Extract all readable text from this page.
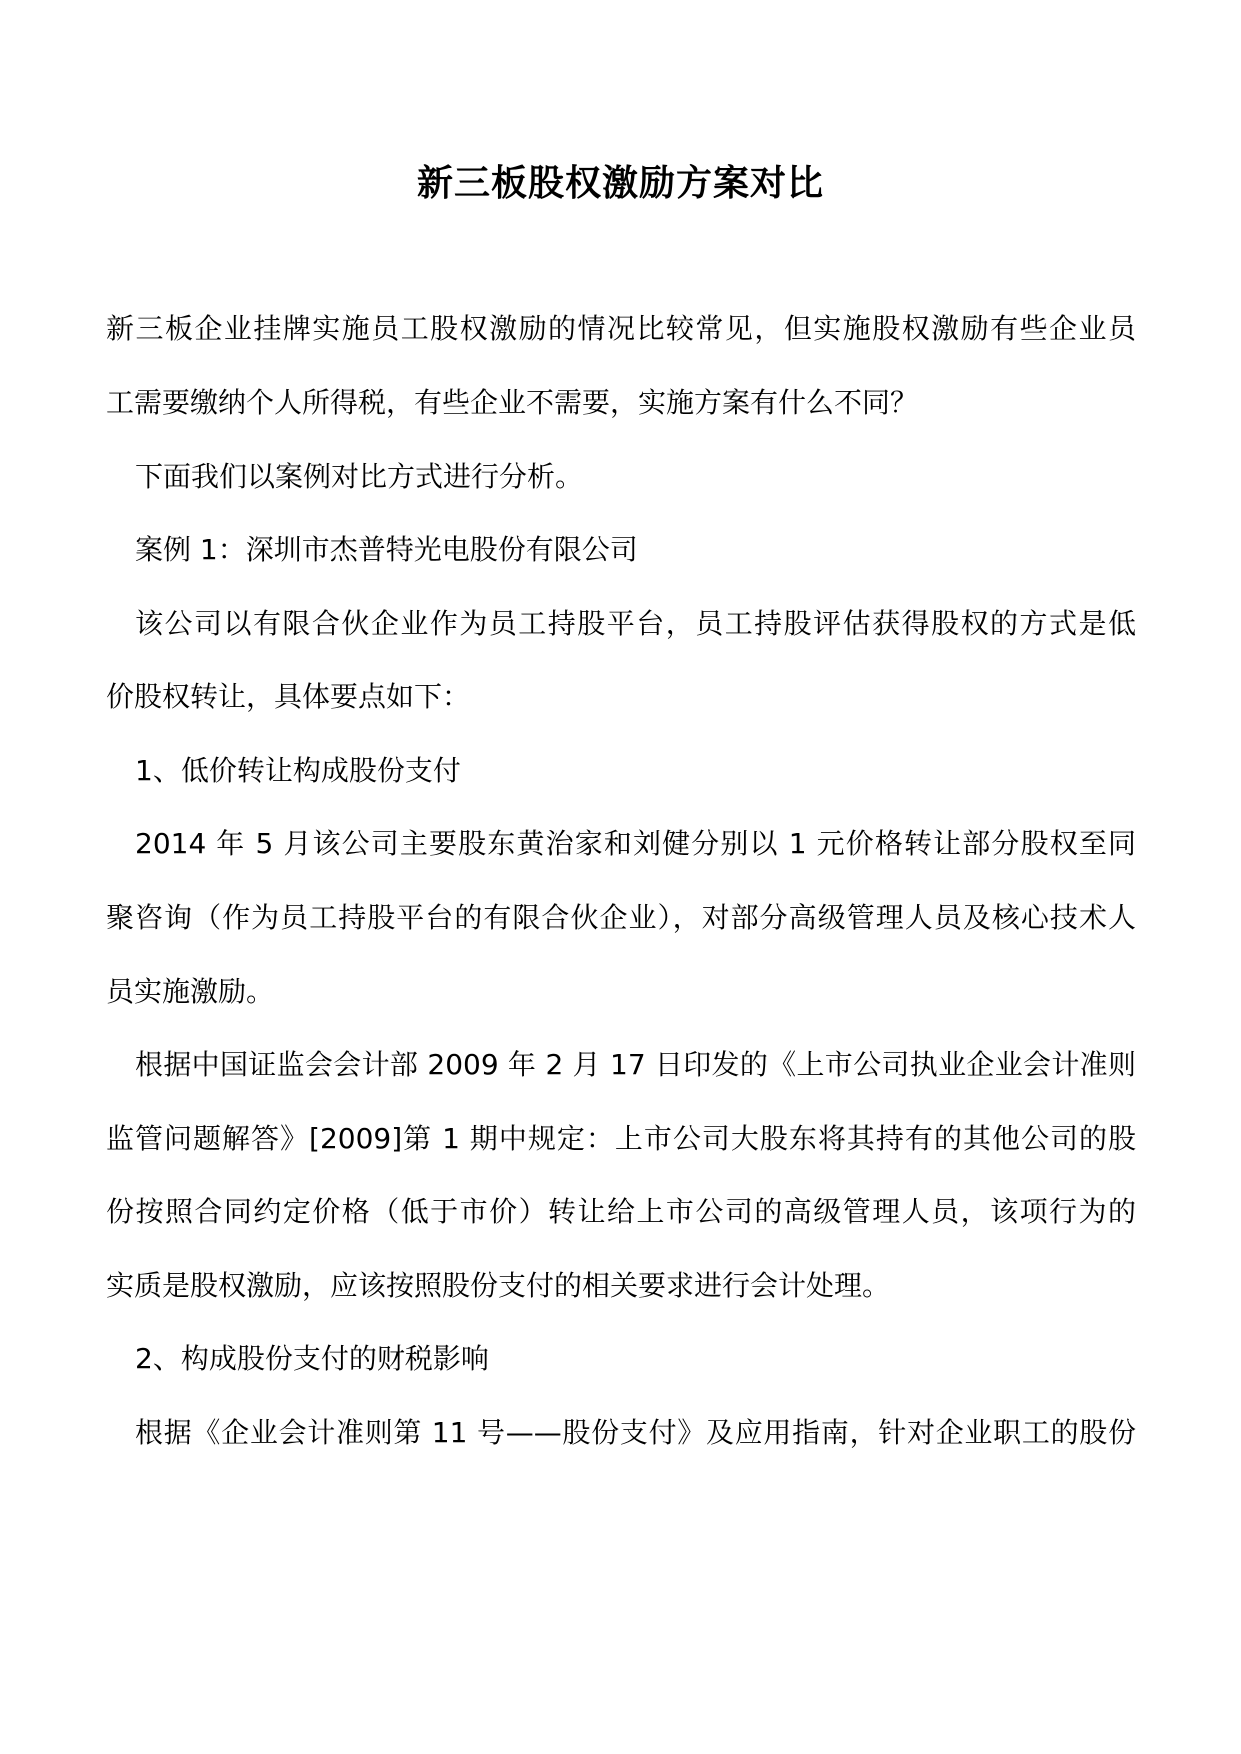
新三板股权激励方案对比
新三板企业挂牌实施员工股权激励的情况比较常见，但实施股权激励有些企业员
工需要缴纳个人所得税，有些企业不需要，实施方案有什么不同？
下面我们以案例对比方式进行分析。
案例 1：深圳市杰普特光电股份有限公司
该公司以有限合伙企业作为员工持股平台，员工持股评估获得股权的方式是低
价股权转让，具体要点如下：
1、低价转让构成股份支付
2014 年 5 月该公司主要股东黄治家和刘健分别以 1 元价格转让部分股权至同
聚咨询（作为员工持股平台的有限合伙企业），对部分高级管理人员及核心技术人
员实施激励。
根据中国证监会会计部 2009 年 2 月 17 日印发的《上市公司执业企业会计准则
监管问题解答》[2009]第 1 期中规定：上市公司大股东将其持有的其他公司的股
份按照合同约定价格（低于市价）转让给上市公司的高级管理人员，该项行为的
实质是股权激励，应该按照股份支付的相关要求进行会计处理。
2、构成股份支付的财税影响
根据《企业会计准则第 11 号——股份支付》及应用指南，针对企业职工的股份
